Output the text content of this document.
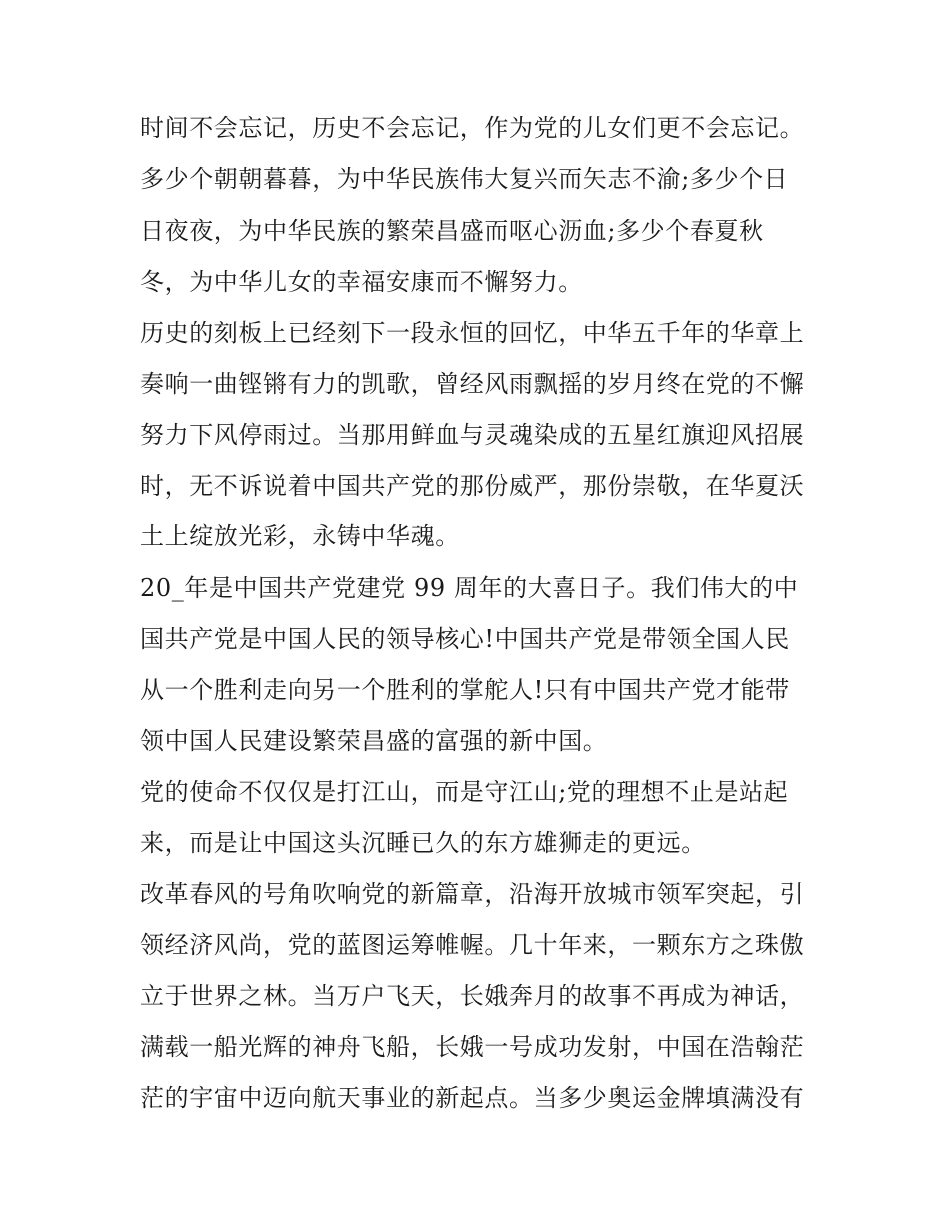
时间不会忘记，历史不会忘记，作为党的儿女们更不会忘记。
多少个朝朝暮暮，为中华民族伟大复兴而矢志不渝;多少个日
日夜夜，为中华民族的繁荣昌盛而呕心沥血;多少个春夏秋
冬，为中华儿女的幸福安康而不懈努力。
历史的刻板上已经刻下一段永恒的回忆，中华五千年的华章上
奏响一曲铿锵有力的凯歌，曾经风雨飘摇的岁月终在党的不懈
努力下风停雨过。当那用鲜血与灵魂染成的五星红旗迎风招展
时，无不诉说着中国共产党的那份威严，那份崇敬，在华夏沃
土上绽放光彩，永铸中华魂。
20_年是中国共产党建党 99 周年的大喜日子。我们伟大的中
国共产党是中国人民的领导核心!中国共产党是带领全国人民
从一个胜利走向另一个胜利的掌舵人!只有中国共产党才能带
领中国人民建设繁荣昌盛的富强的新中国。
党的使命不仅仅是打江山，而是守江山;党的理想不止是站起
来，而是让中国这头沉睡已久的东方雄狮走的更远。
改革春风的号角吹响党的新篇章，沿海开放城市领军突起，引
领经济风尚，党的蓝图运筹帷幄。几十年来，一颗东方之珠傲
立于世界之林。当万户飞天，长娥奔月的故事不再成为神话，
满载一船光辉的神舟飞船，长娥一号成功发射，中国在浩翰茫
茫的宇宙中迈向航天事业的新起点。当多少奥运金牌填满没有
